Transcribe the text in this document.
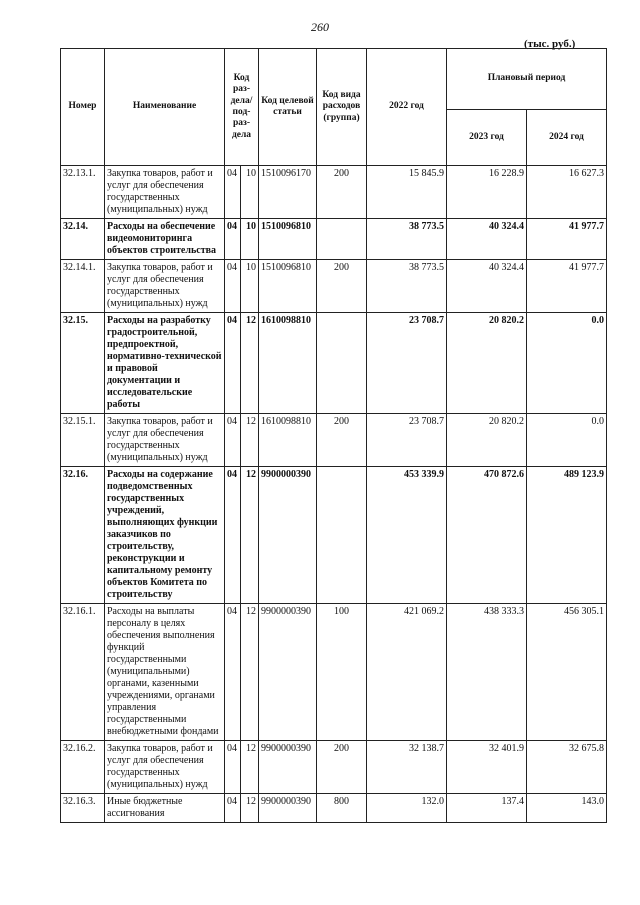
260
(тыс. руб.)
Номер	Наименование	Код раз-дела/под-раз-дела		Код целевой статьи	Код вида расходов (группа)	2022 год	Плановый период	
							2023 год	2024 год
32.13.1.	Закупка товаров, работ и услуг для обеспечения государственных (муниципальных) нужд	04	10	1510096170	200	15 845.9	16 228.9	16 627.3
32.14.	Расходы на обеспечение видеомониторинга объектов строительства	04	10	1510096810		38 773.5	40 324.4	41 977.7
32.14.1.	Закупка товаров, работ и услуг для обеспечения государственных (муниципальных) нужд	04	10	1510096810	200	38 773.5	40 324.4	41 977.7
32.15.	Расходы на разработку градостроительной, предпроектной, нормативно-технической и правовой документации и исследовательские работы	04	12	1610098810		23 708.7	20 820.2	0.0
32.15.1.	Закупка товаров, работ и услуг для обеспечения государственных (муниципальных) нужд	04	12	1610098810	200	23 708.7	20 820.2	0.0
32.16.	Расходы на содержание подведомственных государственных учреждений, выполняющих функции заказчиков по строительству, реконструкции и капитальному ремонту объектов Комитета по строительству	04	12	9900000390		453 339.9	470 872.6	489 123.9
32.16.1.	Расходы на выплаты персоналу в целях обеспечения выполнения функций государственными (муниципальными) органами, казенными учреждениями, органами управления государственными внебюджетными фондами	04	12	9900000390	100	421 069.2	438 333.3	456 305.1
32.16.2.	Закупка товаров, работ и услуг для обеспечения государственных (муниципальных) нужд	04	12	9900000390	200	32 138.7	32 401.9	32 675.8
32.16.3.	Иные бюджетные ассигнования	04	12	9900000390	800	132.0	137.4	143.0
